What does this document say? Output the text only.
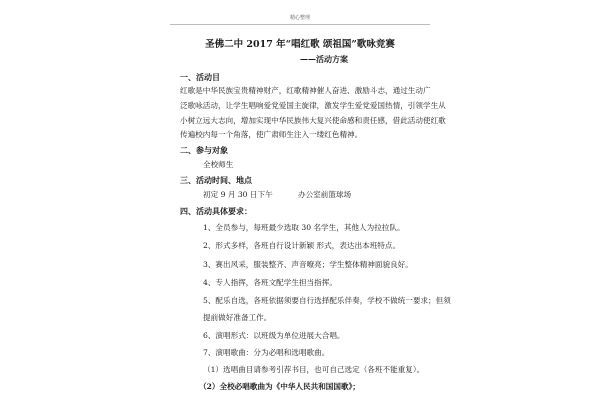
精心整理
圣佛二中 2017 年“唱红歌 颂祖国”歌咏竞赛
——活动方案
一、活动目
红歌是中华民族宝贵精神财产，红歌精神催人奋进、激励斗志，通过生动广
泛歌咏活动，让学生唱响爱党爱国主旋律，激发学生爱党爱国热情，引领学生从
小树立远大志向，增加实现中华民族伟大复兴使命感和责任感，借此活动使红歌
传遍校内每一个角落，使广肃师生注入一缕红色精神。
二、参与对象
全校师生
三、活动时间、地点
初定 9 月 30 日下午	办公室前篮球场
四、活动具体要求：
1、全员参与，每班最少选取 30 名学生，其他人为拉拉队。
2、形式多样，各班自行设计新颖 形式，表达出本班特点。
3、赛出风采，服装整齐、声音嘹亮；学生整体精神面貌良好。
4、专人指挥，各班文配学生担当指挥。
5、配乐自选，各班依据须要自行选择配乐伴奏，学校不做统一要求；但须
提前做好准备工作。
6、演唱形式：以班级为单位进展大合唱。
7、演唱歌曲：分为必唱和选唱歌曲。
（1）选唱曲目请参考引荐书目，也可自己选定（各班不能重复）。
（2）全校必唱歌曲为《中华人民共和国国歌》；
